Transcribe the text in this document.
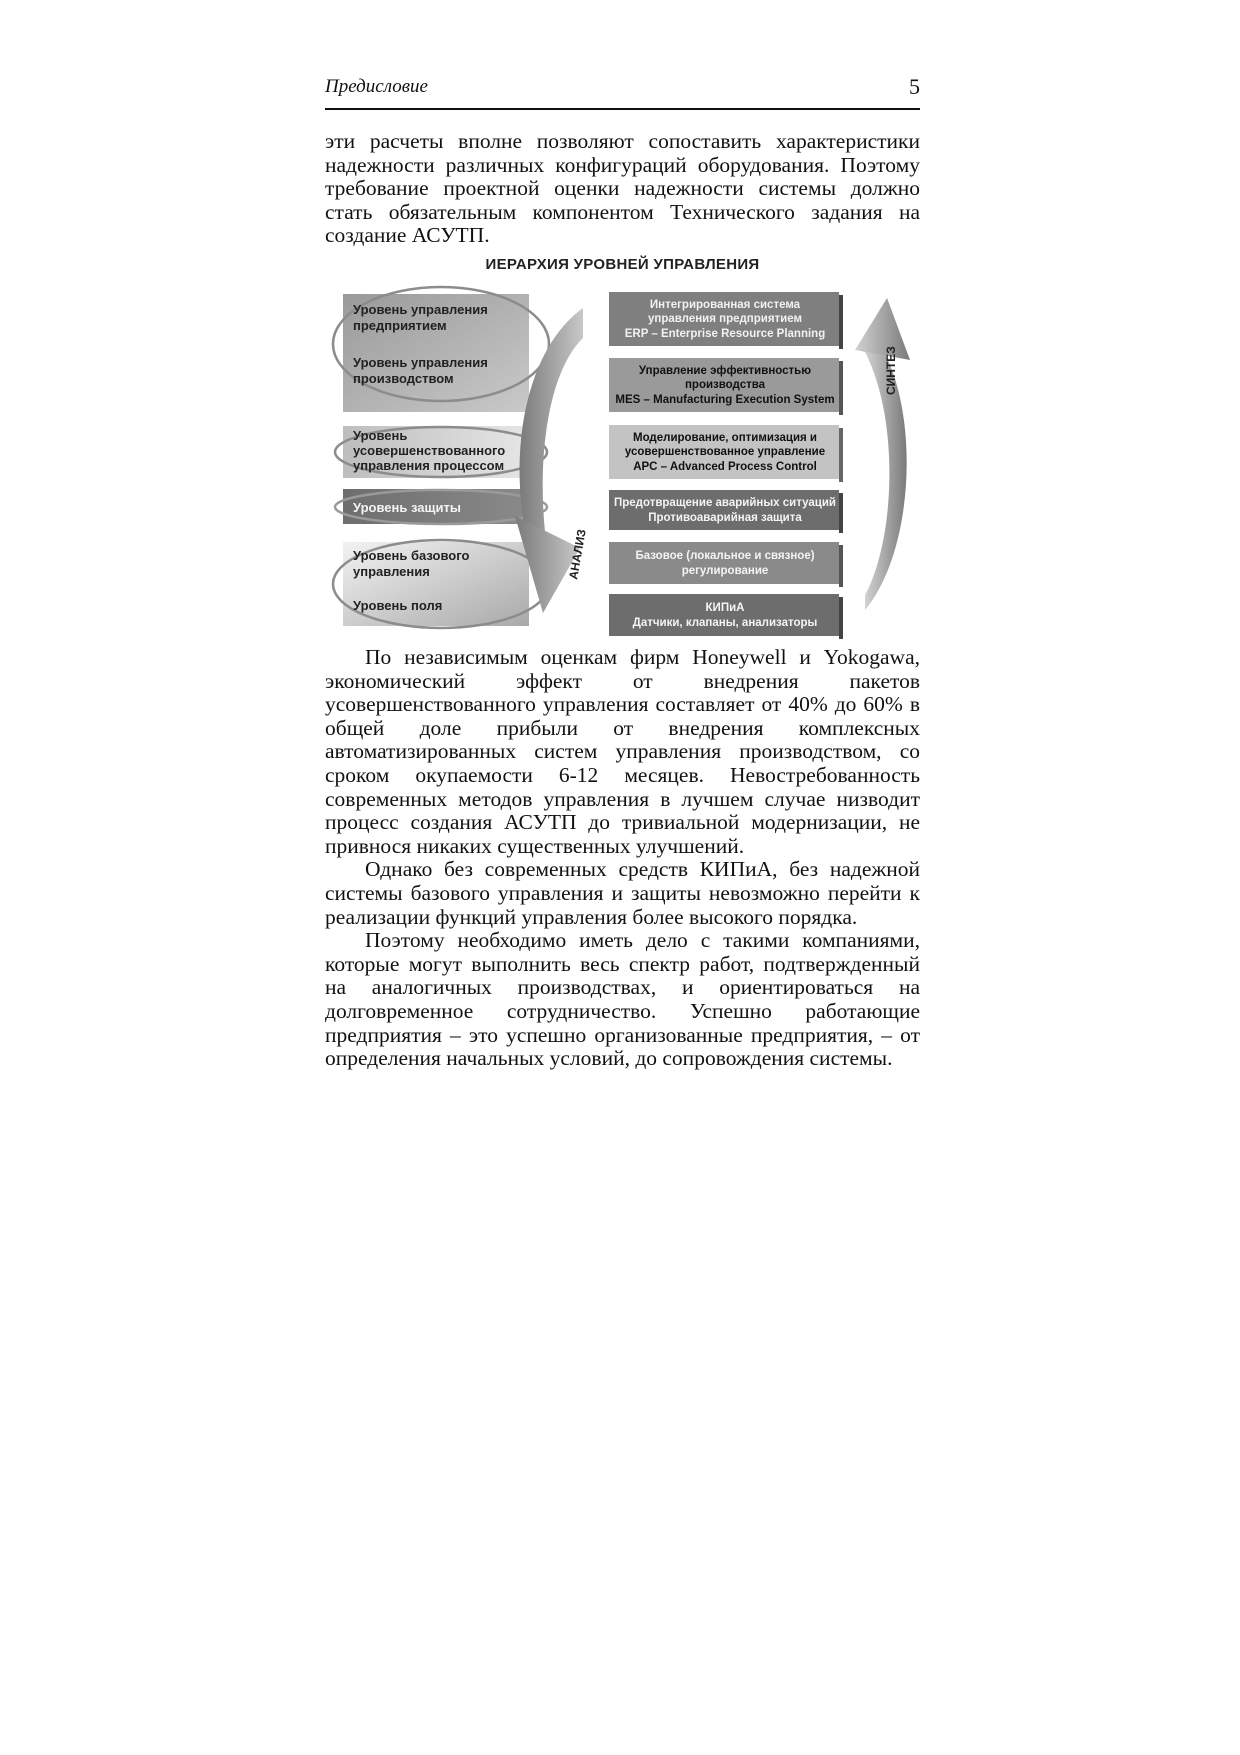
Предисловие	5

эти расчеты вполне позволяют сопоставить характеристики надежности различных конфигураций оборудования. Поэтому требование проектной оценки надежности системы должно стать обязательным компонентом Технического задания на создание АСУТП.

ИЕРАРХИЯ УРОВНЕЙ УПРАВЛЕНИЯ
Уровень управления предприятием
Уровень управления производством
Уровень усовершенствованного управления процессом
Уровень защиты
Уровень базового управления
Уровень поля
АНАЛИЗ
Интегрированная система управления предприятием ERP – Enterprise Resource Planning
Управление эффективностью производства MES – Manufacturing Execution System
Моделирование, оптимизация и усовершенствованное управление APC – Advanced Process Control
Предотвращение аварийных ситуаций Противоаварийная защита
Базовое (локальное и связное) регулирование
КИПиА Датчики, клапаны, анализаторы
СИНТЕЗ

По независимым оценкам фирм Honeywell и Yokogawa, экономический эффект от внедрения пакетов усовершенствованного управления составляет от 40% до 60% в общей доле прибыли от внедрения комплексных автоматизированных систем управления производством, со сроком окупаемости 6-12 месяцев. Невостребованность современных методов управления в лучшем случае низводит процесс создания АСУТП до тривиальной модернизации, не привнося никаких существенных улучшений.

Однако без современных средств КИПиА, без надежной системы базового управления и защиты невозможно перейти к реализации функций управления более высокого порядка.

Поэтому необходимо иметь дело с такими компаниями, которые могут выполнить весь спектр работ, подтвержденный на аналогичных производствах, и ориентироваться на долговременное сотрудничество. Успешно работающие предприятия – это успешно организованные предприятия, – от определения начальных условий, до сопровождения системы.
